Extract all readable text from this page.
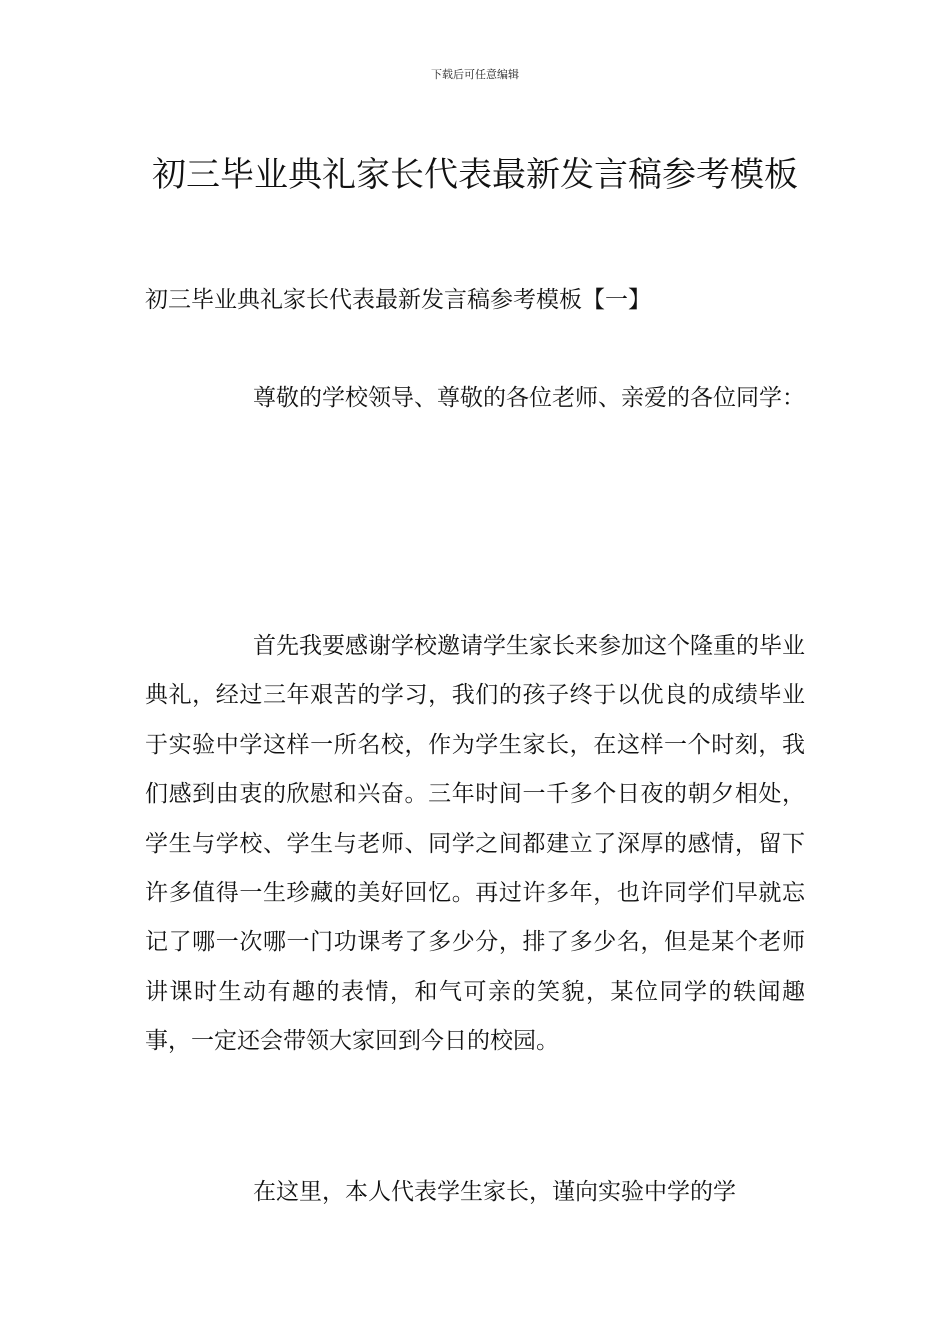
下载后可任意编辑
初三毕业典礼家长代表最新发言稿参考模板
初三毕业典礼家长代表最新发言稿参考模板【一】

尊敬的学校领导、尊敬的各位老师、亲爱的各位同学：

首先我要感谢学校邀请学生家长来参加这个隆重的毕业典礼，经过三年艰苦的学习，我们的孩子终于以优良的成绩毕业于实验中学这样一所名校，作为学生家长，在这样一个时刻，我们感到由衷的欣慰和兴奋。三年时间一千多个日夜的朝夕相处，学生与学校、学生与老师、同学之间都建立了深厚的感情，留下许多值得一生珍藏的美好回忆。再过许多年，也许同学们早就忘记了哪一次哪一门功课考了多少分，排了多少名，但是某个老师讲课时生动有趣的表情，和气可亲的笑貌，某位同学的轶闻趣事，一定还会带领大家回到今日的校园。

在这里，本人代表学生家长，谨向实验中学的学
